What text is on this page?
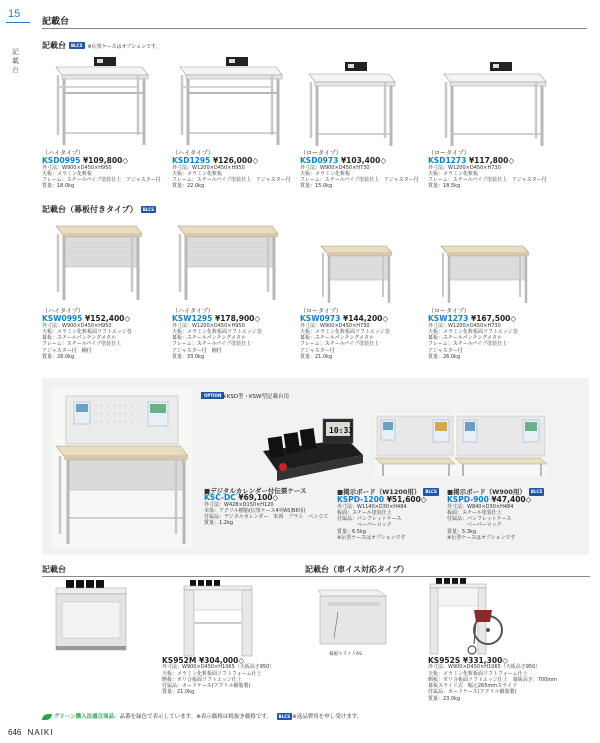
15
記載台
記載台
記載台 BLCS ※伝票ケースはオプションです。
（ハイタイプ）
KSD0995 ¥109,800◇
外寸法：W900×D450×H950
天板：メラミン化粧板
フレーム：スチールパイプ塗装仕上　アジャスター付
質量：18.0kg
（ハイタイプ）
KSD1295 ¥126,000◇
外寸法：W1200×D450×H950
天板：メラミン化粧板
フレーム：スチールパイプ塗装仕上　アジャスター付
質量：22.0kg
（ロータイプ）
KSD0973 ¥103,400◇
外寸法：W900×D450×H730
天板：メラミン化粧板
フレーム：スチールパイプ塗装仕上　アジャスター付
質量：15.0kg
（ロータイプ）
KSD1273 ¥117,800◇
外寸法：W1200×D450×H730
天板：メラミン化粧板
フレーム：スチールパイプ塗装仕上　アジャスター付
質量：18.5kg
記載台（幕板付きタイプ） BLCS
（ハイタイプ）
KSW0995 ¥152,400◇
外寸法：W900×D450×H950
天板：メラミン化粧板面ソフトエッジ巻
幕板：スチールパンチングメタル
フレーム：スチールパイプ塗装仕上
アジャスター付　棚付
質量：28.0kg
（ハイタイプ）
KSW1295 ¥178,900◇
外寸法：W1200×D450×H950
天板：メラミン化粧板面ソフトエッジ巻
幕板：スチールパンチングメタル
フレーム：スチールパイプ塗装仕上
アジャスター付　棚付
質量：33.0kg
（ロータイプ）
KSW0973 ¥144,200◇
外寸法：W900×D450×H730
天板：メラミン化粧板面ソフトエッジ巻
幕板：スチールパンチングメタル
フレーム：スチールパイプ塗装仕上
アジャスター付
質量：21.0kg
（ロータイプ）
KSW1273 ¥167,500◇
外寸法：W1200×D450×H730
天板：メラミン化粧板面ソフトエッジ巻
幕板：スチールパンチングメタル
フレーム：スチールパイプ塗装仕上
アジャスター付
質量：26.0kg
OPTION ※KSD型・KSW型記載台用
10:33
■デジタルカレンダー付伝票ケース
KSC-DC ¥69,100◇
外寸法：W428×D150×H120
本体：アクリル樹脂(伝票ケース4列A5/B6用)
付属品：デジタルカレンダー　朱肉　ブラシ　ペン立て
質量：1.2kg
■掲示ボード（W1200用） BLCS
KSPD-1200 ¥51,600◇
外寸法：W1140×D30×H484
板面：スチール塗装仕上
付属品：パンフレットケース
　　　　ペーパーロック
質量：6.5kg
※伝票ケースはオプションです
■掲示ボード（W900用） BLCS
KSPD-900 ¥47,400◇
外寸法：W840×D30×H484
板面：スチール塗装仕上
付属品：パンフレットケース
　　　　ペーパーロック
質量：5.3kg
※伝票ケースはオプションです
記載台
KS952M ¥304,000◇
外寸法：W900×D450×H1065（天板高さ950）
天板：メラミン化粧板面ソフトフォーム仕上
側板：ポリ合板面ソフトエッジ仕上
付属品：カードケース(アクリル樹脂製)
質量：21.0kg
記載台（車イス対応タイプ）
幕板スライドAS
KS952S ¥331,300◇
外寸法：W900×D450×H1065（天板高さ950）
天板：メラミン化粧板面ソフトフォーム仕上
側板：ポリ合板面ソフトエッジ仕上　幕板高さ：700mm
幕板スライド式　幅元265mmスライド
付属品：カードケース(アクリル樹脂製)
質量：23.0kg
グリーン購入法適合商品：品番を緑色で表示しています。※表示価格は税抜き価格です。 BLCS ※返品費用を申し受けます。
646 NAIKI
